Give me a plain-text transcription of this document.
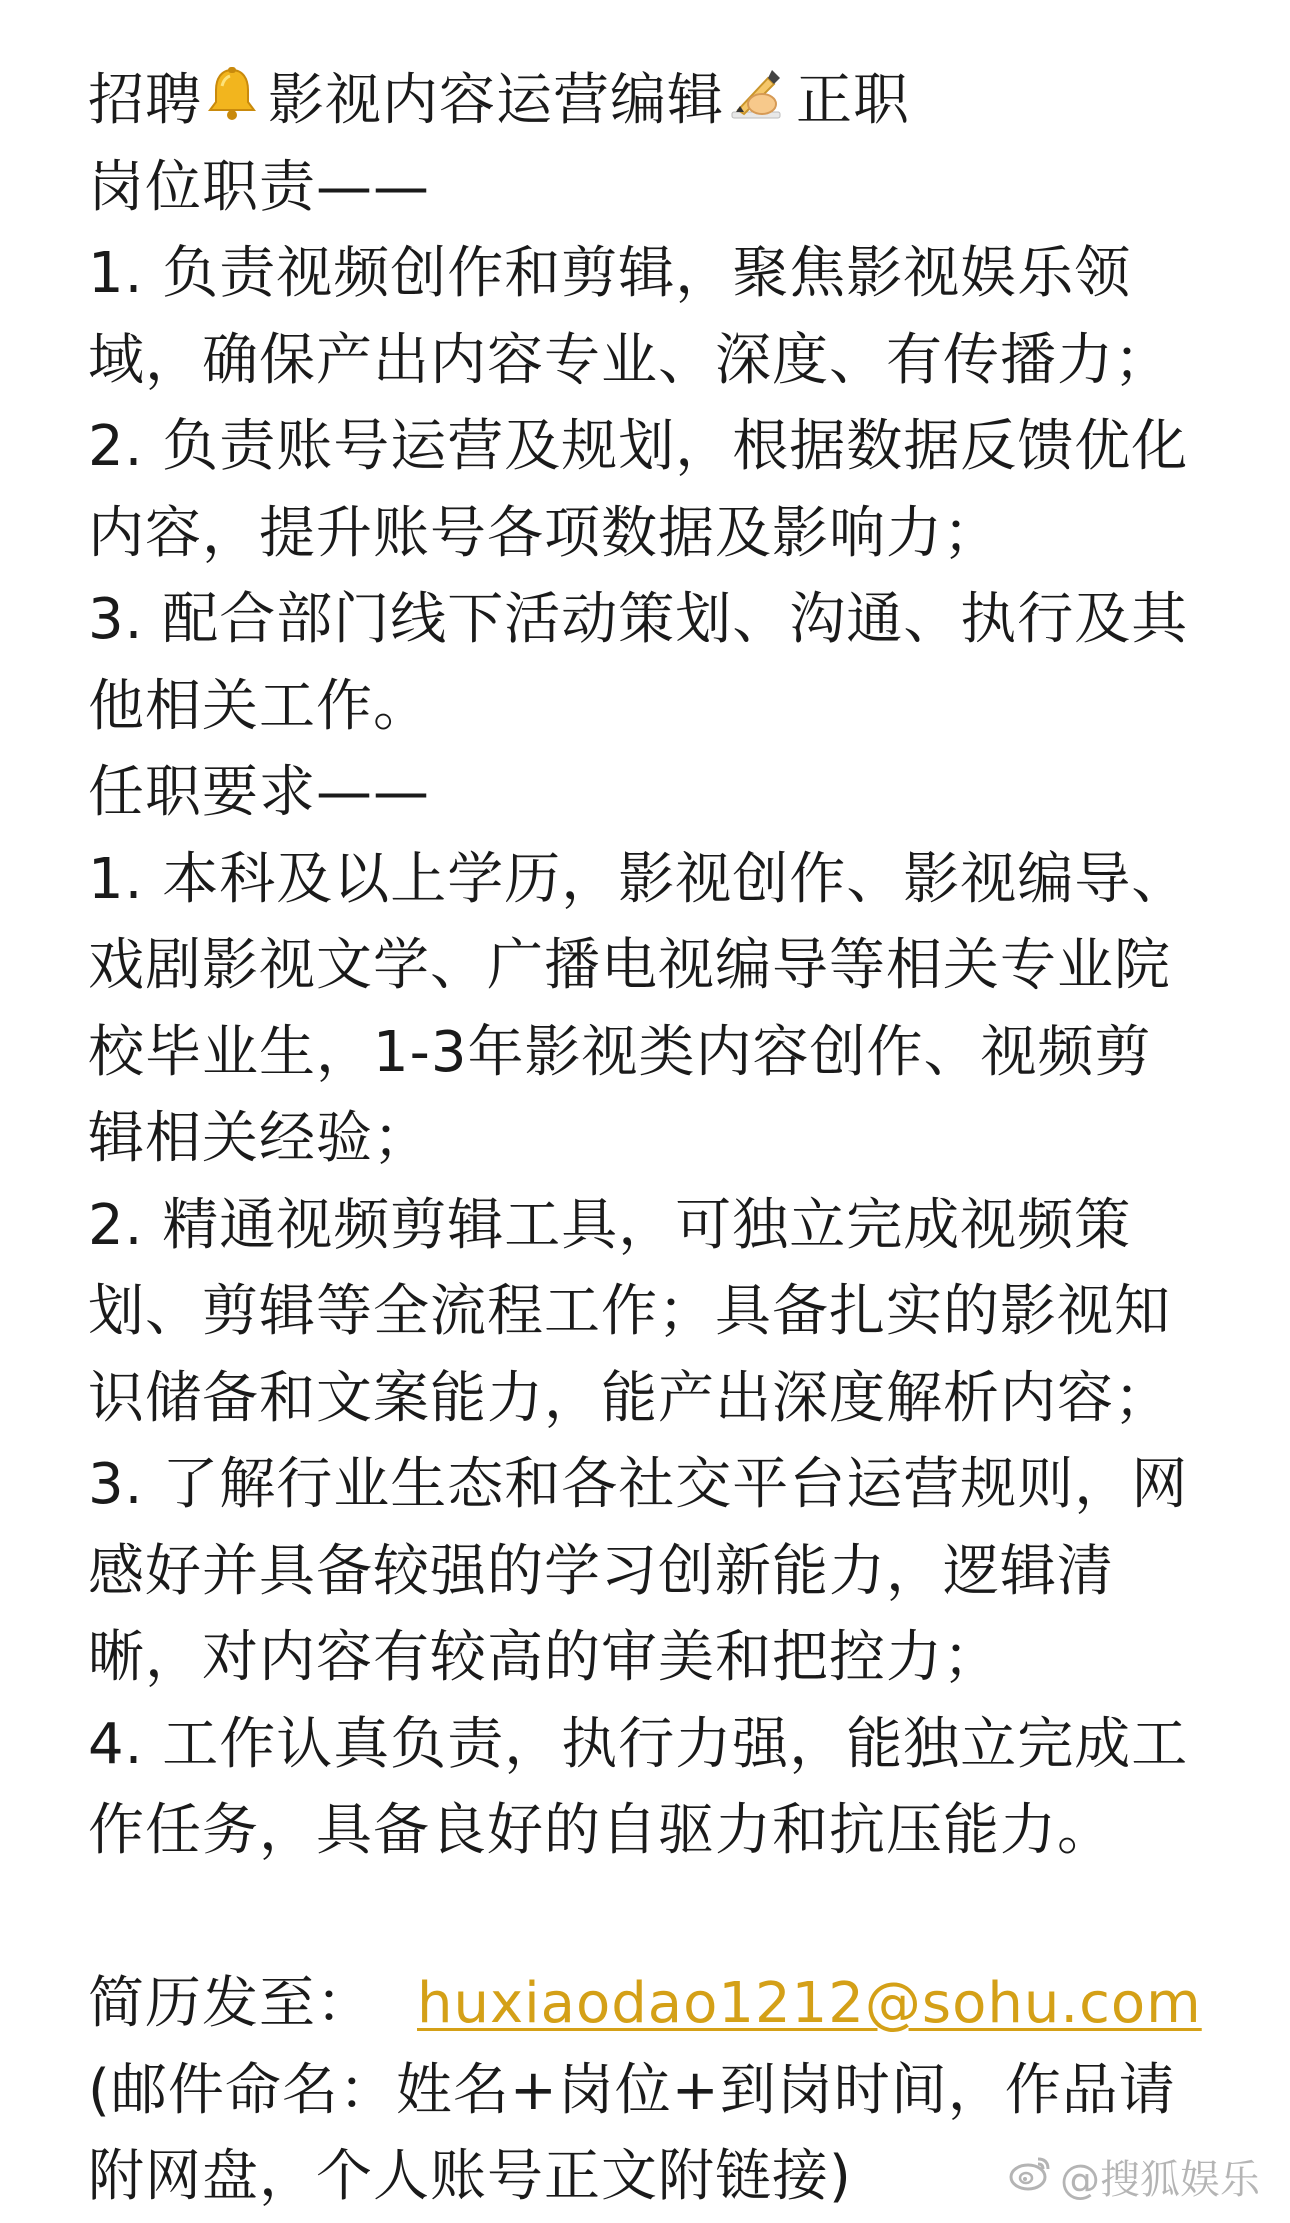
招聘 影视内容运营编辑 正职
岗位职责——
1. 负责视频创作和剪辑，聚焦影视娱乐领
域，确保产出内容专业、深度、有传播力；
2. 负责账号运营及规划，根据数据反馈优化
内容，提升账号各项数据及影响力；
3. 配合部门线下活动策划、沟通、执行及其
他相关工作。
任职要求——
1. 本科及以上学历，影视创作、影视编导、
戏剧影视文学、广播电视编导等相关专业院
校毕业生，1-3年影视类内容创作、视频剪
辑相关经验；
2. 精通视频剪辑工具，可独立完成视频策
划、剪辑等全流程工作；具备扎实的影视知
识储备和文案能力，能产出深度解析内容；
3. 了解行业生态和各社交平台运营规则，网
感好并具备较强的学习创新能力，逻辑清
晰，对内容有较高的审美和把控力；
4. 工作认真负责，执行力强，能独立完成工
作任务，具备良好的自驱力和抗压能力。
简历发至： huxiaodao1212@sohu.com
(邮件命名：姓名+岗位+到岗时间，作品请
附网盘，个人账号正文附链接)	@搜狐娱乐
